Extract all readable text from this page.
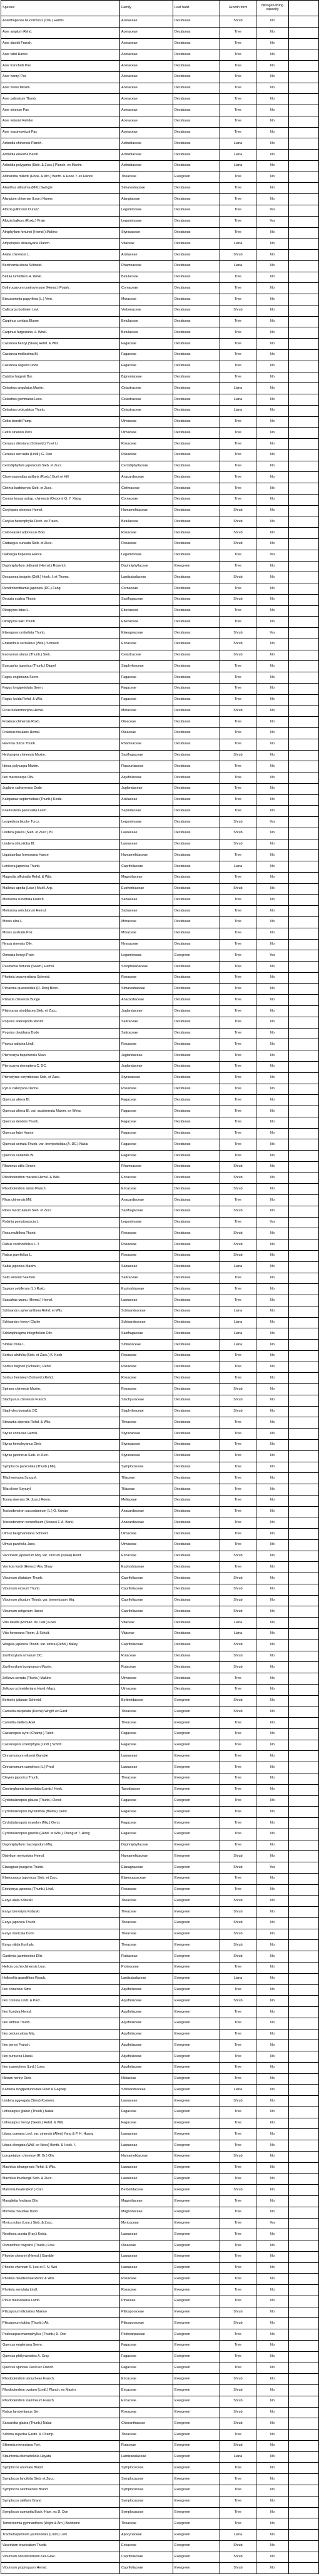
Species	Family	Leaf habit	Growth form	Nitrogen-fixing capacity	
Acanthopanax leucorrhizus (Oliv.) Harms	Araliaceae	Deciduous	Shrub	No	
Acer amplum Rehd.	Aceraceae	Deciduous	Tree	No	
Acer davidii Franch.	Aceraceae	Deciduous	Tree	No	
Acer fabri Hance	Aceraceae	Deciduous	Tree	No	
Acer franchetii Pax	Aceraceae	Deciduous	Tree	No	
Acer henryi Pax	Aceraceae	Deciduous	Tree	No	
Acer mono Maxim.	Aceraceae	Deciduous	Tree	No	
Acer palmatum Thunb.	Aceraceae	Deciduous	Tree	No	
Acer sinense Pax	Aceraceae	Deciduous	Tree	No	
Acer wilsonii Rehder	Aceraceae	Deciduous	Tree	No	
Acer maximowiczii Pax	Aceraceae	Deciduous	Tree	No	
Actinidia chinensis Planch.	Actinidiaceae	Deciduous	Liana	No	
Actinidia eriantha Benth.	Actinidiaceae	Deciduous	Liana	No	
Actinidia polygama (Sieb. & Zucc.) Planch. ex Maxim.	Actinidiaceae	Deciduous	Liana	No	
Adinandra millettii (Hook. & Arn.) Benth. & Hook. f. ex Hance	Theaceae	Evergreen	Tree	No	
Ailanthus altissima (Mill.) Swingle	Simaroubaceae	Deciduous	Tree	No	
Alangium chinense (Lour.) Harms	Alangiaceae	Deciduous	Tree	No	
Albizia julibrissin Durazz.	Leguminosae	Deciduous	Tree	Yes	
Albizia kalkora (Roxb.) Prain	Leguminosae	Deciduous	Tree	Yes	
Alniphyllum fortunei (Hemsl.) Makino	Styracaceae	Deciduous	Tree	No	
Ampelopsis delavayana Planch.	Vitaceae	Deciduous	Liana	No	
Aralia chinensis L.	Araliaceae	Deciduous	Shrub	No	
Berchemia sinica Schneid.	Rhamnaceae	Deciduous	Liana	No	
Betula luminifera H. Winkl.	Betulaceae	Deciduous	Tree	No	
Bothrocaryum controversum (Hemsl.) Pojark.	Cornaceae	Deciduous	Tree	No	
Broussonetia papyrifera (L.) Vent.	Moraceae	Deciduous	Tree	No	
Callicarpa bodinieri Levl.	Verbenaceae	Deciduous	Shrub	No	
Carpinus cordata Blume	Betulaceae	Deciduous	Tree	No	
Carpinus fargesiana H. Winkl.	Betulaceae	Deciduous	Tree	No	
Castanea henryi (Skan) Rehd. & Wils.	Fagaceae	Deciduous	Tree	No	
Castanea mollissima Bl.	Fagaceae	Deciduous	Tree	No	
Castanea seguinii Dode	Fagaceae	Deciduous	Tree	No	
Catalpa fargesii Bur.	Bignoniaceae	Deciduous	Tree	No	
Celastrus angulatus Maxim.	Celastraceae	Deciduous	Liana	No	
Celastrus gemmatus Loes.	Celastraceae	Deciduous	Liana	No	
Celastrus orbiculatus Thunb.	Celastraceae	Deciduous	Liana	No	
Celtis biondii Pamp.	Ulmaceae	Deciduous	Tree	No	
Celtis sinensis Pers.	Ulmaceae	Deciduous	Tree	No	
Cerasus dielsiana (Schneid.) Yu et Li	Rosaceae	Deciduous	Tree	No	
Cerasus serrulata (Lindl.) G. Don	Rosaceae	Deciduous	Tree	No	
Cercidiphyllum japonicum Sieb. et Zucc.	Cercidiphyllaceae	Deciduous	Tree	No	
Choerospondias axillaris (Roxb.) Burtt et Hill	Anacardiaceae	Deciduous	Tree	No	
Clethra barbinervis Sieb. et Zucc.	Clethraceae	Deciduous	Tree	No	
Cornus kousa subsp. chinensis (Osborn) Q. Y. Xiang	Cornaceae	Deciduous	Tree	No	
Corylopsis sinensis Hemsl.	Hamamelidaceae	Deciduous	Shrub	No	
Corylus heterophylla Fisch. ex Trautv.	Betulaceae	Deciduous	Shrub	No	
Cotoneaster adpressus Bois	Rosaceae	Deciduous	Shrub	No	
Crataegus cuneata Sieb. et Zucc.	Rosaceae	Deciduous	Shrub	No	
Dalbergia hupeana Hance	Leguminosae	Deciduous	Tree	Yes	
Daphniphyllum oldhamii (Hemsl.) Rosenth.	Daphniphyllaceae	Evergreen	Tree	No	
Decaisnea insignis (Griff.) Hook. f. et Thoms.	Lardizabalaceae	Deciduous	Shrub	No	
Dendrobenthamia japonica (DC.) Fang	Cornaceae	Deciduous	Tree	No	
Deutzia scabra Thunb.	Saxifragaceae	Deciduous	Shrub	No	
Diospyros lotus L.	Ebenaceae	Deciduous	Tree	No	
Diospyros kaki Thunb.	Ebenaceae	Deciduous	Tree	No	
Elaeagnus umbellata Thunb.	Elaeagnaceae	Deciduous	Shrub	Yes	
Enkianthus serrulatus (Wils.) Schneid.	Ericaceae	Deciduous	Shrub	No	
Euonymus alatus (Thunb.) Sieb.	Celastraceae	Deciduous	Shrub	No	
Euscaphis japonica (Thunb.) Dippel	Staphyleaceae	Deciduous	Tree	No	
Fagus engleriana Seem.	Fagaceae	Deciduous	Tree	No	
Fagus longipetiolata Seem.	Fagaceae	Deciduous	Tree	No	
Fagus lucida Rehd. & Wils.	Fagaceae	Deciduous	Tree	No	
Ficus heteromorpha Hemsl.	Moraceae	Deciduous	Shrub	No	
Fraxinus chinensis Roxb.	Oleaceae	Deciduous	Tree	No	
Fraxinus insularis Hemsl.	Oleaceae	Deciduous	Tree	No	
Hovenia dulcis Thunb.	Rhamnaceae	Deciduous	Tree	No	
Hydrangea chinensis Maxim.	Saxifragaceae	Deciduous	Shrub	No	
Idesia polycarpa Maxim.	Flacourtiaceae	Deciduous	Tree	No	
Ilex macrocarpa Oliv.	Aquifoliaceae	Deciduous	Tree	No	
Juglans cathayensis Dode	Juglandaceae	Deciduous	Tree	No	
Kalopanax septemlobus (Thunb.) Koidz.	Araliaceae	Deciduous	Tree	No	
Koelreuteria paniculata Laxm.	Sapindaceae	Deciduous	Tree	No	
Lespedeza bicolor Turcz.	Leguminosae	Deciduous	Shrub	Yes	
Lindera glauca (Sieb. et Zucc.) Bl.	Lauraceae	Deciduous	Shrub	No	
Lindera obtusiloba Bl.	Lauraceae	Deciduous	Shrub	No	
Liquidambar formosana Hance	Hamamelidaceae	Deciduous	Tree	No	
Lonicera japonica Thunb.	Caprifoliaceae	Deciduous	Liana	No	
Magnolia officinalis Rehd. & Wils.	Magnoliaceae	Deciduous	Tree	No	
Mallotus apelta (Lour.) Muell. Arg.	Euphorbiaceae	Deciduous	Shrub	No	
Meliosma cuneifolia Franch.	Sabiaceae	Deciduous	Tree	No	
Meliosma veitchiorum Hemsl.	Sabiaceae	Deciduous	Tree	No	
Morus alba L.	Moraceae	Deciduous	Tree	No	
Morus australis Poir.	Moraceae	Deciduous	Tree	No	
Nyssa sinensis Oliv.	Nyssaceae	Deciduous	Tree	No	
Ormosia henryi Prain	Leguminosae	Evergreen	Tree	Yes	
Paulownia fortunei (Seem.) Hemsl.	Scrophulariaceae	Deciduous	Tree	No	
Photinia beauverdiana Schneid.	Rosaceae	Deciduous	Tree	No	
Picrasma quassioides (D. Don) Benn.	Simaroubaceae	Deciduous	Tree	No	
Pistacia chinensis Bunge	Anacardiaceae	Deciduous	Tree	No	
Platycarya strobilacea Sieb. et Zucc.	Juglandaceae	Deciduous	Tree	No	
Populus adenopoda Maxim.	Salicaceae	Deciduous	Tree	No	
Populus davidiana Dode	Salicaceae	Deciduous	Tree	No	
Prunus salicina Lindl.	Rosaceae	Deciduous	Tree	No	
Pterocarya hupehensis Skan	Juglandaceae	Deciduous	Tree	No	
Pterocarya stenoptera C. DC.	Juglandaceae	Deciduous	Tree	No	
Pterostyrax corymbosus Sieb. et Zucc.	Styracaceae	Deciduous	Tree	No	
Pyrus calleryana Decne.	Rosaceae	Deciduous	Tree	No	
Quercus aliena Bl.	Fagaceae	Deciduous	Tree	No	
Quercus aliena Bl. var. acutiserrata Maxim. ex Wenz.	Fagaceae	Deciduous	Tree	No	
Quercus dentata Thunb.	Fagaceae	Deciduous	Tree	No	
Quercus fabri Hance	Fagaceae	Deciduous	Tree	No	
Quercus serrata Thunb. var. brevipetiolata (A. DC.) Nakai	Fagaceae	Deciduous	Tree	No	
Quercus variabilis Bl.	Fagaceae	Deciduous	Tree	No	
Rhamnus utilis Decne.	Rhamnaceae	Deciduous	Shrub	No	
Rhododendron mariesii Hemsl. & Wils.	Ericaceae	Deciduous	Shrub	No	
Rhododendron simsii Planch.	Ericaceae	Deciduous	Shrub	No	
Rhus chinensis Mill.	Anacardiaceae	Deciduous	Tree	No	
Ribes fasciculatum Sieb. et Zucc.	Saxifragaceae	Deciduous	Shrub	No	
Robinia pseudoacacia L.	Leguminosae	Deciduous	Tree	Yes	
Rosa multiflora Thunb.	Rosaceae	Deciduous	Shrub	No	
Rubus corchorifolius L. f.	Rosaceae	Deciduous	Shrub	No	
Rubus parvifolius L.	Rosaceae	Deciduous	Shrub	No	
Sabia japonica Maxim.	Sabiaceae	Deciduous	Liana	No	
Salix wilsonii Seemen	Salicaceae	Deciduous	Tree	No	
Sapium sebiferum (L.) Roxb.	Euphorbiaceae	Deciduous	Tree	No	
Sassafras tzumu (Hemsl.) Hemsl.	Lauraceae	Deciduous	Tree	No	
Schisandra sphenanthera Rehd. et Wils.	Schisandraceae	Deciduous	Liana	No	
Schisandra henryi Clarke	Schisandraceae	Deciduous	Liana	No	
Schizophragma integrifolium Oliv.	Saxifragaceae	Deciduous	Liana	No	
Smilax china L.	Smilacaceae	Deciduous	Liana	No	
Sorbus alnifolia (Sieb. et Zucc.) K. Koch	Rosaceae	Deciduous	Tree	No	
Sorbus folgneri (Schneid.) Rehd.	Rosaceae	Deciduous	Tree	No	
Sorbus hemsleyi (Schneid.) Rehd.	Rosaceae	Deciduous	Tree	No	
Spiraea chinensis Maxim.	Rosaceae	Deciduous	Shrub	No	
Stachyurus chinensis Franch.	Stachyuraceae	Deciduous	Shrub	No	
Staphylea bumalda DC.	Staphyleaceae	Deciduous	Shrub	No	
Stewartia sinensis Rehd. & Wils.	Theaceae	Deciduous	Tree	No	
Styrax confusus Hemsl.	Styracaceae	Deciduous	Tree	No	
Styrax hemsleyanus Diels	Styracaceae	Deciduous	Tree	No	
Styrax japonicus Sieb. et Zucc.	Styracaceae	Deciduous	Tree	No	
Symplocos paniculata (Thunb.) Miq.	Symplocaceae	Deciduous	Tree	No	
Tilia henryana Szyszyl.	Tiliaceae	Deciduous	Tree	No	
Tilia oliveri Szyszyl.	Tiliaceae	Deciduous	Tree	No	
Toona sinensis (A. Juss.) Roem.	Meliaceae	Deciduous	Tree	No	
Toxicodendron succedaneum (L.) O. Kuntze	Anacardiaceae	Deciduous	Tree	No	
Toxicodendron vernicifluum (Stokes) F. A. Barkl.	Anacardiaceae	Deciduous	Tree	No	
Ulmus bergmanniana Schneid.	Ulmaceae	Deciduous	Tree	No	
Ulmus parvifolia Jacq.	Ulmaceae	Deciduous	Tree	No	
Vaccinium japonicum Miq. var. sinicum (Nakai) Rehd.	Ericaceae	Deciduous	Shrub	No	
Vernicia fordii (Hemsl.) Airy Shaw	Euphorbiaceae	Deciduous	Tree	No	
Viburnum dilatatum Thunb.	Caprifoliaceae	Deciduous	Shrub	No	
Viburnum erosum Thunb.	Caprifoliaceae	Deciduous	Shrub	No	
Viburnum plicatum Thunb. var. tomentosum Miq.	Caprifoliaceae	Deciduous	Shrub	No	
Viburnum setigerum Hance	Caprifoliaceae	Deciduous	Shrub	No	
Vitis davidii (Roman. du Caill.) Foex	Vitaceae	Deciduous	Liana	No	
Vitis heyneana Roem. & Schult.	Vitaceae	Deciduous	Liana	No	
Weigela japonica Thunb. var. sinica (Rehd.) Bailey	Caprifoliaceae	Deciduous	Shrub	No	
Zanthoxylum armatum DC.	Rutaceae	Deciduous	Shrub	No	
Zanthoxylum bungeanum Maxim.	Rutaceae	Deciduous	Shrub	No	
Zelkova serrata (Thunb.) Makino	Ulmaceae	Deciduous	Tree	No	
Zelkova schneideriana Hand.-Mazz.	Ulmaceae	Deciduous	Tree	No	
Berberis julianae Schneid.	Berberidaceae	Evergreen	Shrub	No	
Camellia cuspidata (Kochs) Wright ex Gard.	Theaceae	Evergreen	Shrub	No	
Camellia oleifera Abel	Theaceae	Evergreen	Tree	No	
Castanopsis eyrei (Champ.) Tutch.	Fagaceae	Evergreen	Tree	No	
Castanopsis sclerophylla (Lindl.) Schott.	Fagaceae	Evergreen	Tree	No	
Cinnamomum wilsonii Gamble	Lauraceae	Evergreen	Tree	No	
Cinnamomum camphora (L.) Presl	Lauraceae	Evergreen	Tree	No	
Cleyera japonica Thunb.	Theaceae	Evergreen	Tree	No	
Cunninghamia lanceolata (Lamb.) Hook.	Taxodiaceae	Evergreen	Tree	No	
Cyclobalanopsis glauca (Thunb.) Oerst.	Fagaceae	Evergreen	Tree	No	
Cyclobalanopsis myrsinifolia (Blume) Oerst.	Fagaceae	Evergreen	Tree	No	
Cyclobalanopsis oxyodon (Miq.) Oerst.	Fagaceae	Evergreen	Tree	No	
Cyclobalanopsis gracilis (Rehd. et Wils.) Cheng et T. Hong	Fagaceae	Evergreen	Tree	No	
Daphniphyllum macropodum Miq.	Daphniphyllaceae	Evergreen	Tree	No	
Distylium myricoides Hemsl.	Hamamelidaceae	Evergreen	Shrub	No	
Elaeagnus pungens Thunb.	Elaeagnaceae	Evergreen	Shrub	Yes	
Elaeocarpus japonicus Sieb. et Zucc.	Elaeocarpaceae	Evergreen	Tree	No	
Eriobotrya japonica (Thunb.) Lindl.	Rosaceae	Evergreen	Tree	No	
Eurya alata Kobuski	Theaceae	Evergreen	Shrub	No	
Eurya brevistyla Kobuski	Theaceae	Evergreen	Shrub	No	
Eurya japonica Thunb.	Theaceae	Evergreen	Shrub	No	
Eurya muricata Dunn	Theaceae	Evergreen	Shrub	No	
Eurya nitida Korthals	Theaceae	Evergreen	Shrub	No	
Gardenia jasminoides Ellis	Rubiaceae	Evergreen	Shrub	No	
Helicia cochinchinensis Lour.	Proteaceae	Evergreen	Tree	No	
Holboellia grandiflora Reaub.	Lardizabalaceae	Evergreen	Liana	No	
Ilex chinensis Sims	Aquifoliaceae	Evergreen	Tree	No	
Ilex cornuta Lindl. & Paxt.	Aquifoliaceae	Evergreen	Shrub	No	
Ilex ficoidea Hemsl.	Aquifoliaceae	Evergreen	Tree	No	
Ilex latifolia Thunb.	Aquifoliaceae	Evergreen	Tree	No	
Ilex pedunculosa Miq.	Aquifoliaceae	Evergreen	Tree	No	
Ilex pernyi Franch.	Aquifoliaceae	Evergreen	Tree	No	
Ilex purpurea Hassk.	Aquifoliaceae	Evergreen	Tree	No	
Ilex suaveolens (Levl.) Loes.	Aquifoliaceae	Evergreen	Tree	No	
Illicium henryi Diels	Illiciaceae	Evergreen	Tree	No	
Kadsura longipedunculata Finet & Gagnep.	Schisandraceae	Evergreen	Liana	No	
Lindera aggregata (Sims) Kosterm.	Lauraceae	Evergreen	Shrub	No	
Lithocarpus glaber (Thunb.) Nakai	Fagaceae	Evergreen	Tree	No	
Lithocarpus henryi (Seem.) Rehd. & Wils.	Fagaceae	Evergreen	Tree	No	
Litsea coreana Levl. var. sinensis (Allen) Yang & P. H. Huang	Lauraceae	Evergreen	Tree	No	
Litsea elongata (Wall. ex Nees) Benth. & Hook. f.	Lauraceae	Evergreen	Tree	No	
Loropetalum chinense (R. Br.) Oliv.	Hamamelidaceae	Evergreen	Shrub	No	
Machilus ichangensis Rehd. & Wils.	Lauraceae	Evergreen	Tree	No	
Machilus thunbergii Sieb. & Zucc.	Lauraceae	Evergreen	Tree	No	
Mahonia bealei (Fort.) Carr.	Berberidaceae	Evergreen	Shrub	No	
Manglietia fordiana Oliv.	Magnoliaceae	Evergreen	Tree	No	
Michelia maudiae Dunn	Magnoliaceae	Evergreen	Tree	No	
Myrica rubra (Lour.) Sieb. & Zucc.	Myricaceae	Evergreen	Tree	Yes	
Neolitsea aurata (Hay.) Koidz.	Lauraceae	Evergreen	Tree	No	
Osmanthus fragrans (Thunb.) Lour.	Oleaceae	Evergreen	Tree	No	
Phoebe sheareri (Hemsl.) Gamble	Lauraceae	Evergreen	Tree	No	
Phoebe zhennan S. Lee et F. N. Wei	Lauraceae	Evergreen	Tree	No	
Photinia davidsoniae Rehd. & Wils.	Rosaceae	Evergreen	Tree	No	
Photinia serrulata Lindl.	Rosaceae	Evergreen	Tree	No	
Pinus massoniana Lamb.	Pinaceae	Evergreen	Tree	No	
Pittosporum illicioides Makino	Pittosporaceae	Evergreen	Shrub	No	
Pittosporum tobira (Thunb.) Ait.	Pittosporaceae	Evergreen	Shrub	No	
Podocarpus macrophyllus (Thunb.) D. Don	Podocarpaceae	Evergreen	Tree	No	
Quercus engleriana Seem.	Fagaceae	Evergreen	Tree	No	
Quercus phillyraeoides A. Gray	Fagaceae	Evergreen	Tree	No	
Quercus spinosa David ex Franch.	Fagaceae	Evergreen	Tree	No	
Rhododendron latoucheae Franch.	Ericaceae	Evergreen	Shrub	No	
Rhododendron ovatum (Lindl.) Planch. ex Maxim.	Ericaceae	Evergreen	Shrub	No	
Rhododendron stamineum Franch.	Ericaceae	Evergreen	Shrub	No	
Rubus lambertianus Ser.	Rosaceae	Evergreen	Shrub	No	
Sarcandra glabra (Thunb.) Nakai	Chloranthaceae	Evergreen	Shrub	No	
Schima superba Gardn. & Champ.	Theaceae	Evergreen	Tree	No	
Skimmia reevesiana Fort.	Rutaceae	Evergreen	Shrub	No	
Stauntonia obovatifoliola Hayata	Lardizabalaceae	Evergreen	Liana	No	
Symplocos anomala Brand	Symplocaceae	Evergreen	Tree	No	
Symplocos lancifolia Sieb. et Zucc.	Symplocaceae	Evergreen	Tree	No	
Symplocos setchuensis Brand	Symplocaceae	Evergreen	Tree	No	
Symplocos stellaris Brand	Symplocaceae	Evergreen	Tree	No	
Symplocos sumuntia Buch.-Ham. ex D. Don	Symplocaceae	Evergreen	Tree	No	
Ternstroemia gymnanthera (Wight & Arn.) Beddome	Theaceae	Evergreen	Tree	No	
Trachelospermum jasminoides (Lindl.) Lem.	Apocynaceae	Evergreen	Liana	No	
Vaccinium bracteatum Thunb.	Ericaceae	Evergreen	Shrub	No	
Viburnum odoratissimum Ker-Gawl.	Caprifoliaceae	Evergreen	Shrub	No	
Viburnum propinquum Hemsl.	Caprifoliaceae	Evergreen	Shrub	No	
